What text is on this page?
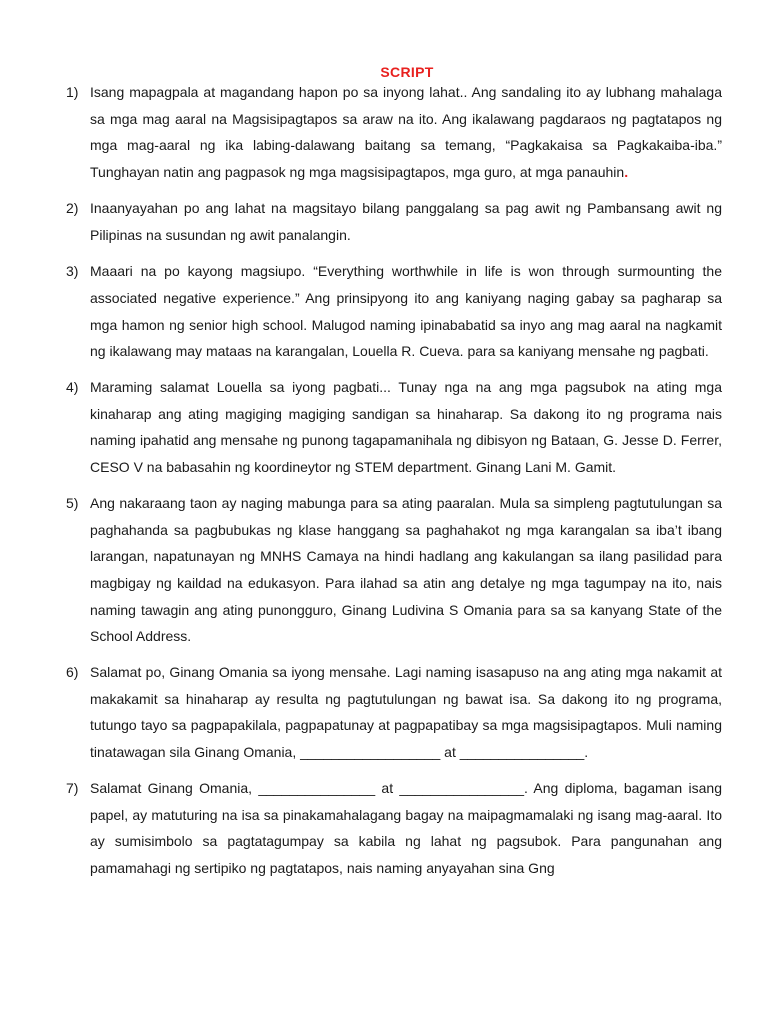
SCRIPT
1) Isang mapagpala at magandang hapon po sa inyong lahat.. Ang sandaling ito ay lubhang mahalaga sa mga mag aaral na Magsisipagtapos sa araw na ito. Ang ikalawang pagdaraos ng pagtatapos ng mga mag-aaral ng ika labing-dalawang baitang sa temang, “Pagkakaisa sa Pagkakaiba-iba.” Tunghayan natin ang pagpasok ng mga magsisipagtapos, mga guro, at mga panauhin.
2) Inaanyayahan po ang lahat na magsitayo bilang panggalang sa pag awit ng Pambansang awit ng Pilipinas na susundan ng awit panalangin.
3) Maaari na po kayong magsiupo. “Everything worthwhile in life is won through surmounting the associated negative experience.” Ang prinsipyong ito ang kaniyang naging gabay sa pagharap sa mga hamon ng senior high school. Malugod naming ipinababatid sa inyo ang mag aaral na nagkamit ng ikalawang may mataas na karangalan, Louella R. Cueva. para sa kaniyang mensahe ng pagbati.
4) Maraming salamat Louella sa iyong pagbati... Tunay nga na ang mga pagsubok na ating mga kinaharap ang ating magiging magiging sandigan sa hinaharap. Sa dakong ito ng programa nais naming ipahatid ang mensahe ng punong tagapamanihala ng dibisyon ng Bataan, G. Jesse D. Ferrer, CESO V na babasahin ng koordineytor ng STEM department. Ginang Lani M. Gamit.
5) Ang nakaraang taon ay naging mabunga para sa ating paaralan. Mula sa simpleng pagtutulungan sa paghahanda sa pagbubukas ng klase hanggang sa paghahakot ng mga karangalan sa iba’t ibang larangan, napatunayan ng MNHS Camaya na hindi hadlang ang kakulangan sa ilang pasilidad para magbigay ng kaildad na edukasyon. Para ilahad sa atin ang detalye ng mga tagumpay na ito, nais naming tawagin ang ating punongguro, Ginang Ludivina S Omania para sa sa kanyang State of the School Address.
6) Salamat po, Ginang Omania sa iyong mensahe. Lagi naming isasapuso na ang ating mga nakamit at makakamit sa hinaharap ay resulta ng pagtutulungan ng bawat isa. Sa dakong ito ng programa, tutungo tayo sa pagpapakilala, pagpapatunay at pagpapatibay sa mga magsisipagtapos. Muli naming tinatawagan sila Ginang Omania, __________________ at ________________.
7) Salamat Ginang Omania, _______________ at ________________. Ang diploma, bagaman isang papel, ay matuturing na isa sa pinakamahalagang bagay na maipagmamalaki ng isang mag-aaral. Ito ay sumisimbolo sa pagtatagumpay sa kabila ng lahat ng pagsubok. Para pangunahan ang pamamahagi ng sertipiko ng pagtatapos, nais naming anyayahan sina Gng
